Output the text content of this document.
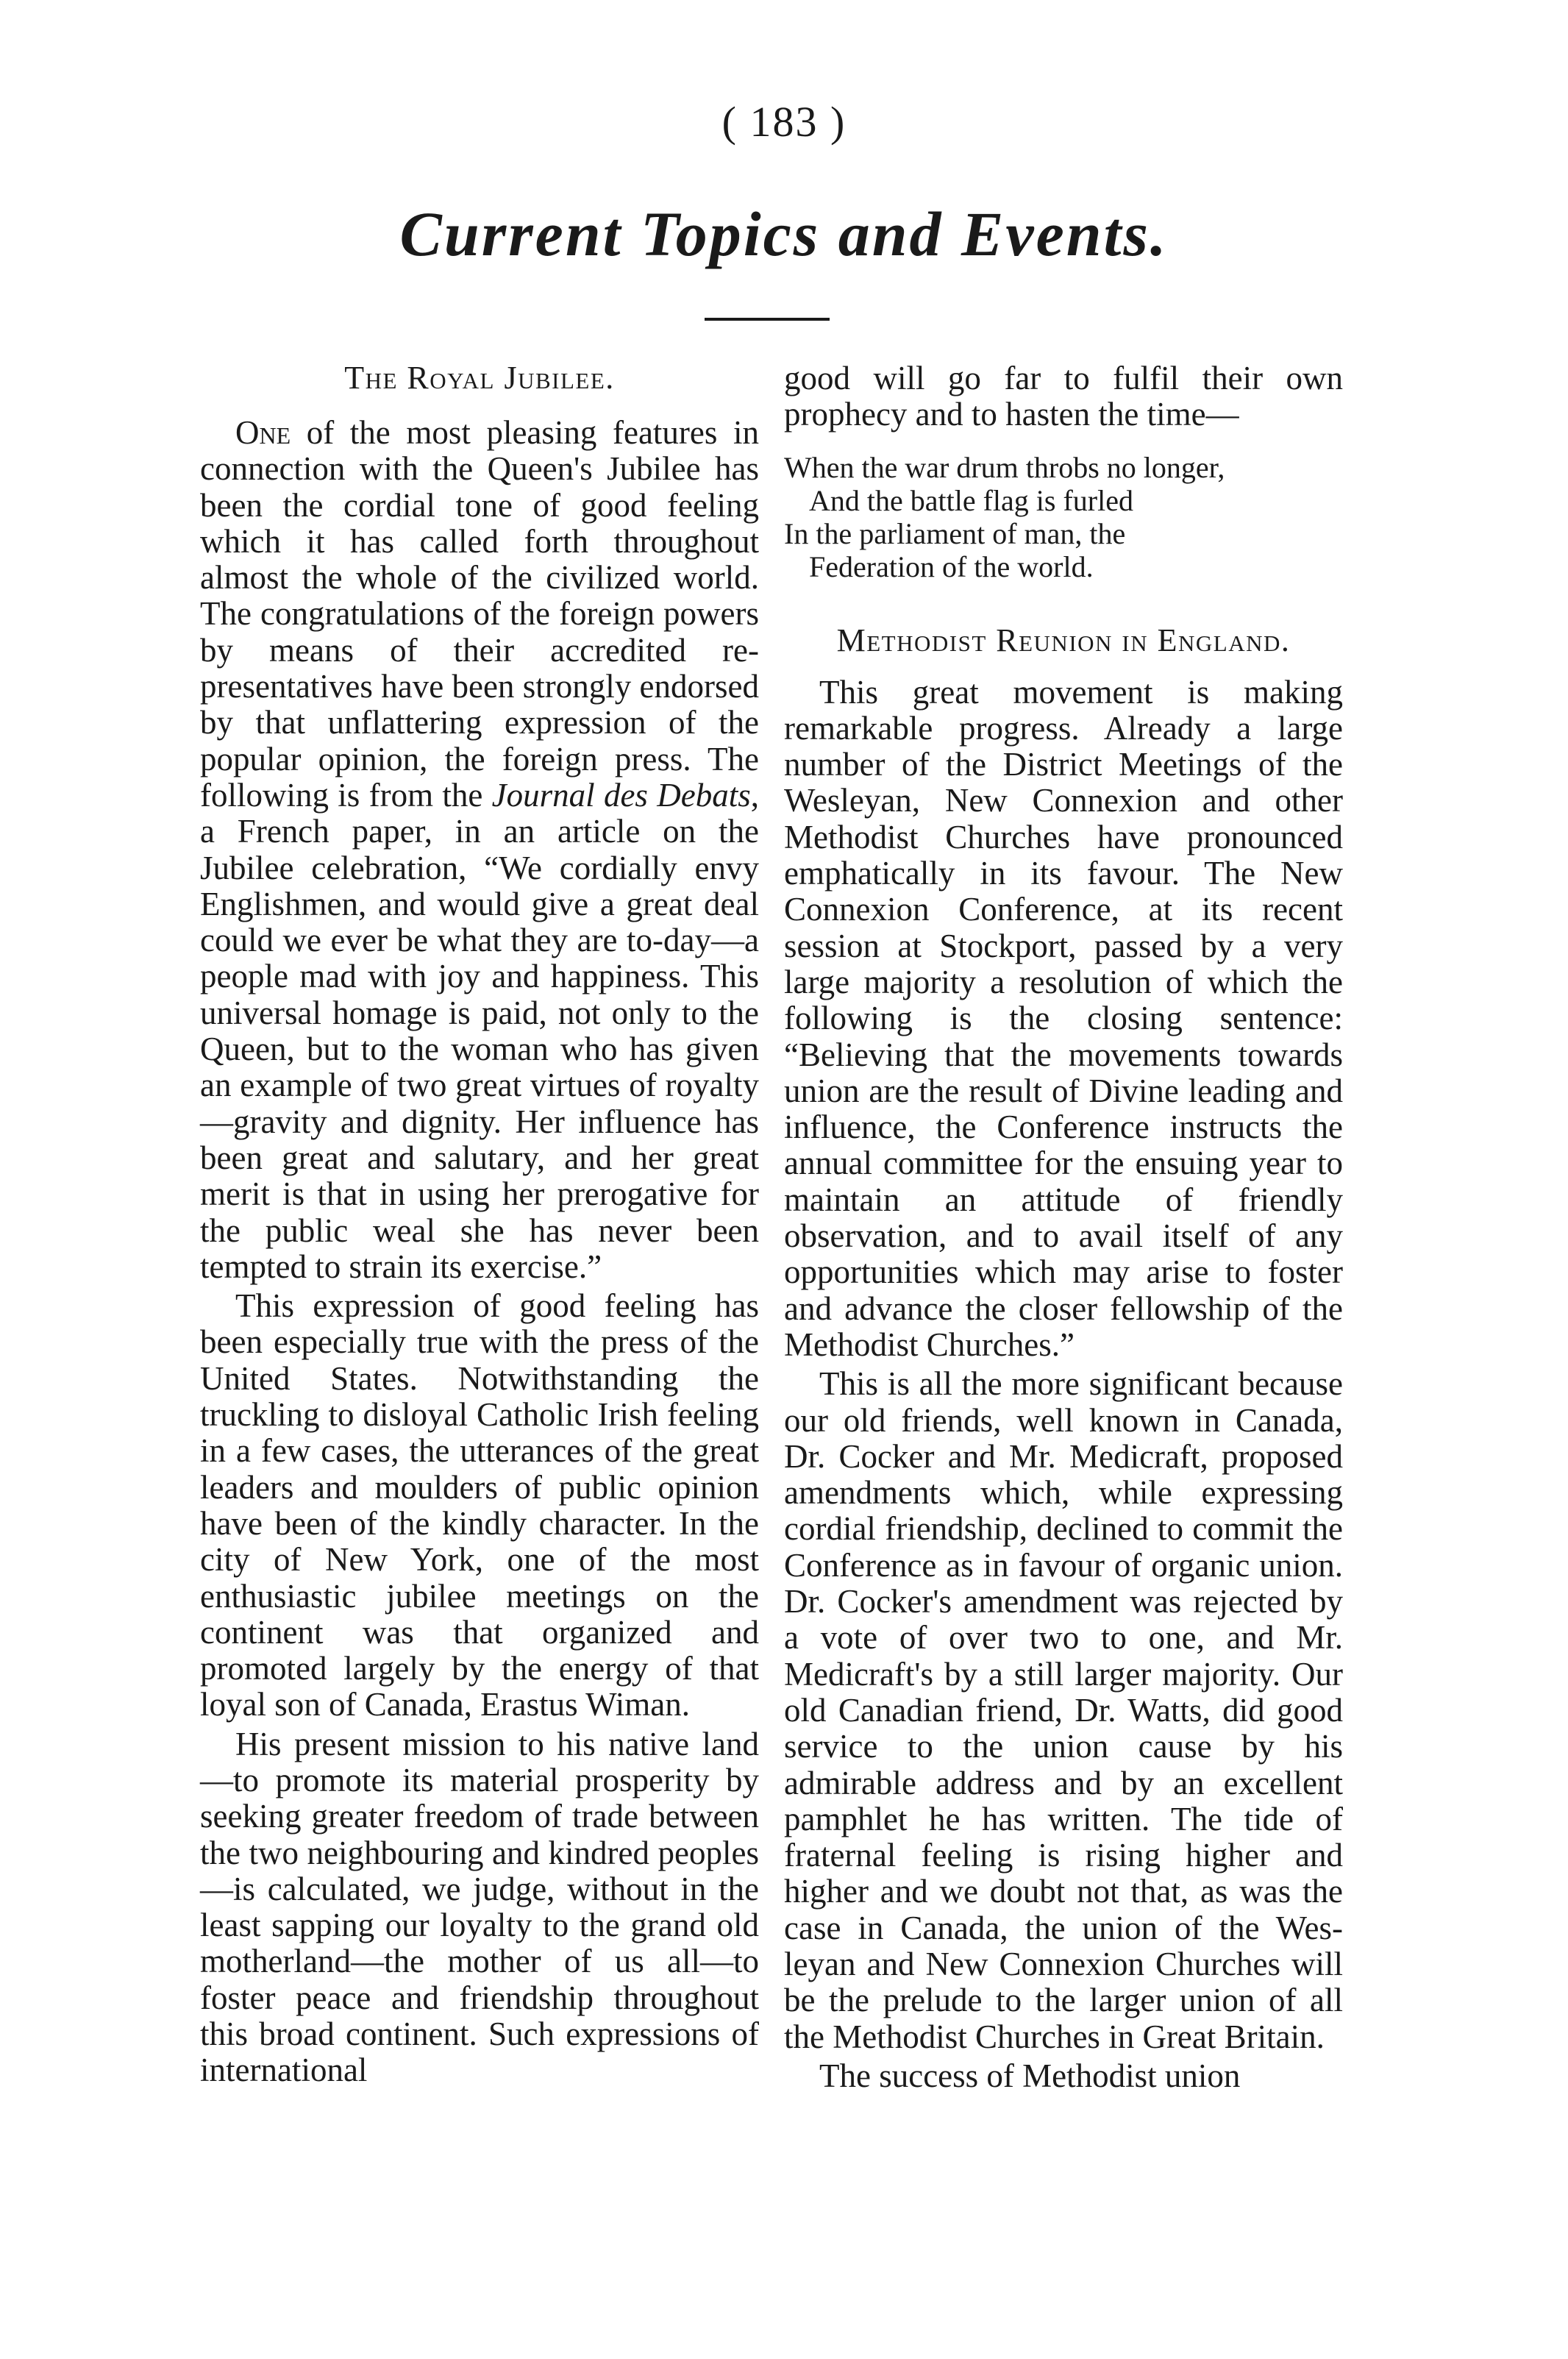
( 183 )
Current Topics and Events.
The Royal Jubilee.

One of the most pleasing features in connection with the Queen's Jubilee has been the cordial tone of good feeling which it has called forth throughout almost the whole of the civilized world. The congratulations of the foreign powers by means of their accredited representatives have been strongly endorsed by that unflattering expression of the popular opinion, the foreign press. The following is from the Journal des Debats, a French paper, in an article on the Jubilee celebration, “We cordially envy Englishmen, and would give a great deal could we ever be what they are to-day—a people mad with joy and happiness. This universal homage is paid, not only to the Queen, but to the woman who has given an example of two great virtues of royalty—gravity and dignity. Her influence has been great and salutary, and her great merit is that in using her prerogative for the public weal she has never been tempted to strain its exercise.”

This expression of good feeling has been especially true with the press of the United States. Notwithstanding the truckling to disloyal Catholic Irish feeling in a few cases, the utterances of the great leaders and moulders of public opinion have been of the kindly character. In the city of New York, one of the most enthusiastic jubilee meetings on the continent was that organized and promoted largely by the energy of that loyal son of Canada, Erastus Wiman.

His present mission to his native land—to promote its material prosperity by seeking greater freedom of trade between the two neighbouring and kindred peoples—is calculated, we judge, without in the least sapping our loyalty to the grand old motherland—the mother of us all—to foster peace and friendship throughout this broad continent. Such expressions of international

good will go far to fulfil their own prophecy and to hasten the time—

When the war drum throbs no longer,
And the battle flag is furled
In the parliament of man, the
Federation of the world.
Methodist Reunion in England.

This great movement is making remarkable progress. Already a large number of the District Meetings of the Wesleyan, New Connexion and other Methodist Churches have pronounced emphatically in its favour. The New Connexion Conference, at its recent session at Stockport, passed by a very large majority a resolution of which the following is the closing sentence: “Believing that the movements towards union are the result of Divine leading and influence, the Conference instructs the annual committee for the ensuing year to maintain an attitude of friendly observation, and to avail itself of any opportunities which may arise to foster and advance the closer fellowship of the Methodist Churches.”

This is all the more significant because our old friends, well known in Canada, Dr. Cocker and Mr. Medicraft, proposed amendments which, while expressing cordial friendship, declined to commit the Conference as in favour of organic union. Dr. Cocker's amendment was rejected by a vote of over two to one, and Mr. Medicraft's by a still larger majority. Our old Canadian friend, Dr. Watts, did good service to the union cause by his admirable address and by an excellent pamphlet he has written. The tide of fraternal feeling is rising higher and higher and we doubt not that, as was the case in Canada, the union of the Wesleyan and New Connexion Churches will be the prelude to the larger union of all the Methodist Churches in Great Britain.

The success of Methodist union
